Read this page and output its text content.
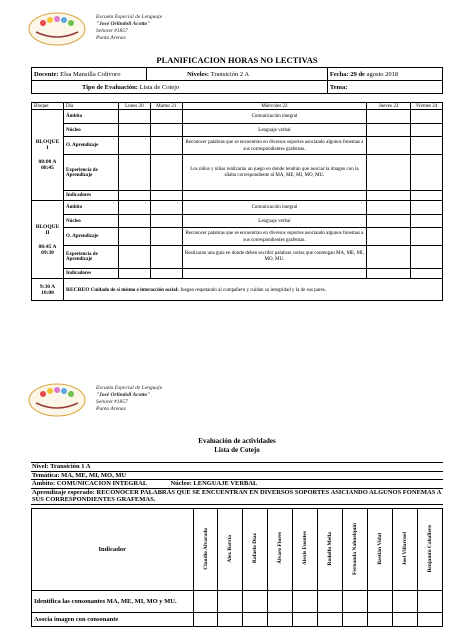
Escuela Especial de Lenguaje
"José Orlindoll Acotto"
Sehoret #1857
Punta Arenas
PLANIFICACION HORAS NO LECTIVAS
Docente: Elsa Mansilla Colivoro	Niveles: Transición 2 A	Fecha: 29 de agosto 2018
Tipo de Evaluación: Lista de Cotejo		Tema:
Bloque	Día	Lunes 20	Martes 21	Miércoles 22	Jueves 23	Viernes 24

BLOQUE I
08:00 A 08:45	Ámbito			Comunicación integral		
	Núcleo			Lenguaje verbal		
	O. Aprendizaje			Reconocer palabras que se encuentran en diversos soportes asociando algunos fonemas a sus correspondientes grafemas.		
	Experiencia de Aprendizaje			Los niños y niñas realizarán un juego en donde tendrán que asociar la imagen con la sílaba correspondiente al MA, ME, MI, MO, MU.		
	Indicadores					

BLOQUE II
08:45 A 09:30	Ámbito			Comunicación integral		
	Núcleo			Lenguaje verbal		
	O. Aprendizaje			Reconocer palabras que se encuentran en diversos soportes asociando algunos fonemas a sus correspondientes grafemas.		
	Experiencia de Aprendizaje			Realizaran una guía en donde deben escribir palabras cortas que contengan MA, ME, MI, MO, MU.		
	Indicadores					
9:30 A 10:00	RECREO Cuidado de sí mismo e interacción social: Juegan respetando al compañero y cuidan su integridad y la de sus pares.					
Escuela Especial de Lenguaje
"José Orlindoll Acotto"
Sehoret #1857
Punta Arenas
Evaluación de actividades
Lista de Cotejo
Nivel: Transición 1 A
Temática: MA, ME, MI, MO, MU
Ámbito: COMUNICACION INTEGRAL	Núcleo: LENGUAJE VERBAL
Aprendizaje esperado: RECONOCER PALABRAS QUE SE ENCUENTRAN EN DIVERSOS SOPORTES ASICIANDO ALGUNOS FONEMAS A SUS CORRESPONDIENTES GRAFEMAS.
Indicador	Claudio Alvarado	Alex Barría	Rafaela Díaz	Álvaro Flores	Alexis Fuentes	Rodolfo Mella	Fernanda Nahuelquín	Bastián Vidal	Joel Villarroel	Benjamín Caballero
Identifica las consonantes MA, ME, MI, MO y MU.										
Asocia imagen con consonante										
